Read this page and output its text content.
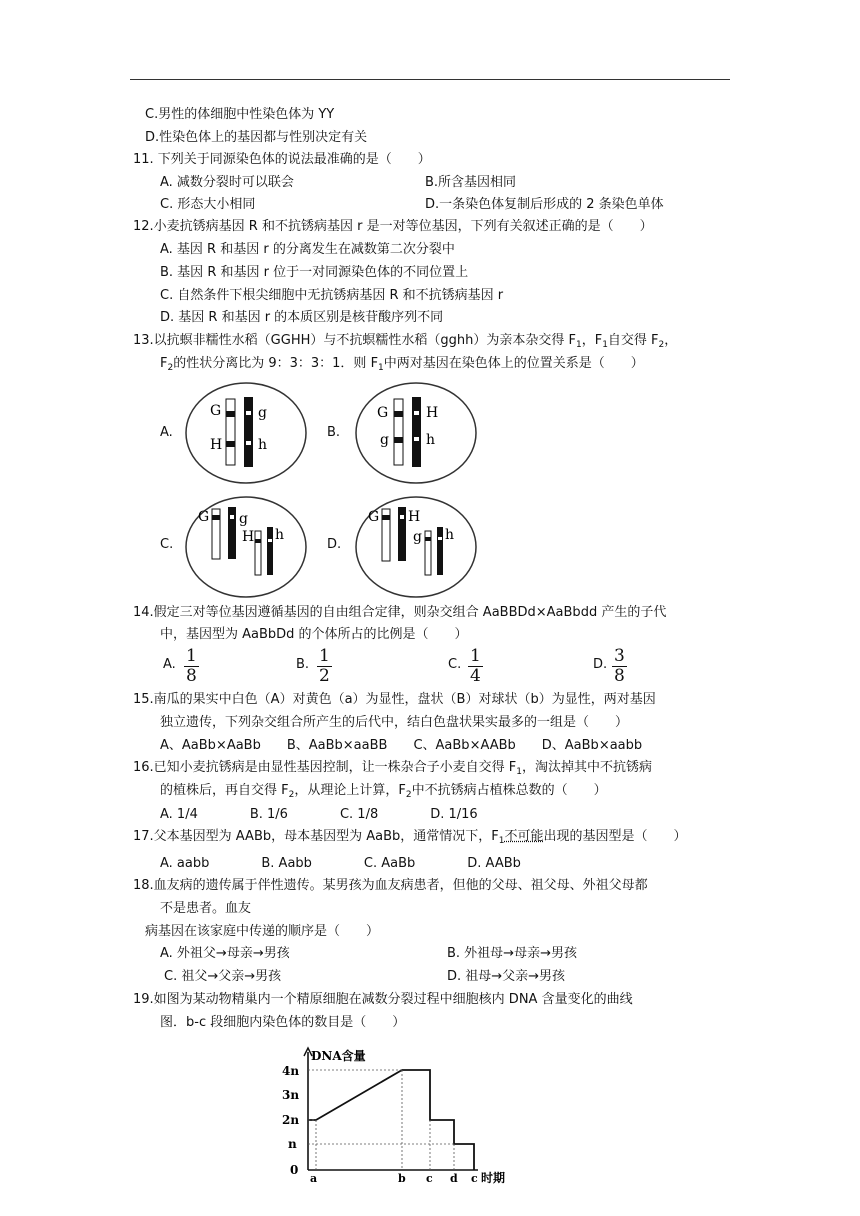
C.男性的体细胞中性染色体为 YY
D.性染色体上的基因都与性别决定有关
11. 下列关于同源染色体的说法最准确的是（　　）
A. 减数分裂时可以联会	B.所含基因相同
C. 形态大小相同	D.一条染色体复制后形成的 2 条染色单体
12.小麦抗锈病基因 R 和不抗锈病基因 r 是一对等位基因，下列有关叙述正确的是（　　）
A. 基因 R 和基因 r 的分离发生在减数第二次分裂中
B. 基因 R 和基因 r 位于一对同源染色体的不同位置上
C. 自然条件下根尖细胞中无抗锈病基因 R 和不抗锈病基因 r
D. 基因 R 和基因 r 的本质区别是核苷酸序列不同
13.以抗螟非糯性水稻（GGHH）与不抗螟糯性水稻（gghh）为亲本杂交得 $F_1$，$F_1$自交得 $F_2$，
$F_2$的性状分离比为 9：3：3：1．则 $F_1$中两对基因在染色体上的位置关系是（　　）
A.	B.
C.	D.
G	g
H	h
G	H
g	h
G g
H h
G H
g h
14.假定三对等位基因遵循基因的自由组合定律，则杂交组合 AaBBDd×AaBbdd 产生的子代
中，基因型为 AaBbDd 的个体所占的比例是（　　）
A. $\frac{1}{8}$	B. $\frac{1}{2}$	C. $\frac{1}{4}$	D. $\frac{3}{8}$
15.南瓜的果实中白色（A）对黄色（a）为显性，盘状（B）对球状（b）为显性，两对基因
独立遗传，下列杂交组合所产生的后代中，结白色盘状果实最多的一组是（　　）
A、AaBb×AaBb　　B、AaBb×aaBB　　C、AaBb×AABb　　D、AaBb×aabb
16.已知小麦抗锈病是由显性基因控制，让一株杂合子小麦自交得 $F_1$，淘汰掉其中不抗锈病
的植株后，再自交得 $F_2$，从理论上计算，$F_2$中不抗锈病占植株总数的（　　）
A. 1/4　　　　B. 1/6　　　　C. 1/8　　　　D. 1/16
17.父本基因型为 AABb，母本基因型为 AaBb，通常情况下，$F_1$不可能出现的基因型是（　　）
A. aabb　　　　B. Aabb　　　　C. AaBb　　　　D. AABb
18.血友病的遗传属于伴性遗传。某男孩为血友病患者，但他的父母、祖父母、外祖父母都
不是患者。血友
病基因在该家庭中传递的顺序是（　　）
A. 外祖父→母亲→男孩	B. 外祖母→母亲→男孩
C. 祖父→父亲→男孩	D. 祖母→父亲→男孩
19.如图为某动物精巢内一个精原细胞在减数分裂过程中细胞核内 DNA 含量变化的曲线
图．b-c 段细胞内染色体的数目是（　　）
DNA含量
4n
3n
2n
n
0
a	b c d c 时期
